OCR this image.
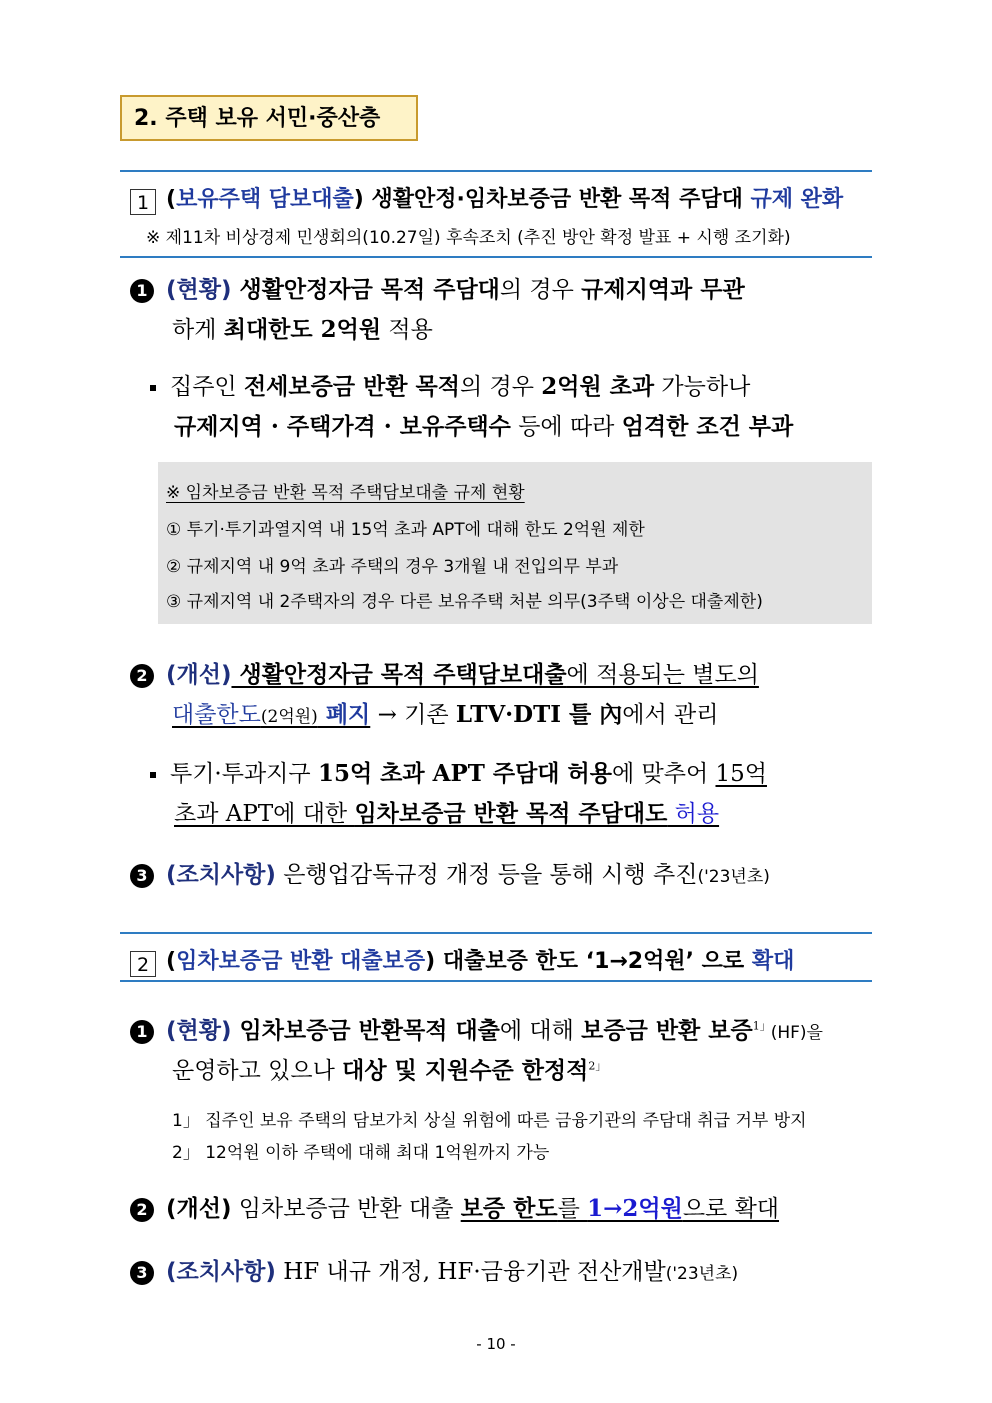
2. 주택 보유 서민·중산층
1 (보유주택 담보대출) 생활안정·임차보증금 반환 목적 주담대 규제 완화
※ 제11차 비상경제 민생회의(10.27일) 후속조치 (추진 방안 확정 발표 + 시행 조기화)
1 (현황) 생활안정자금 목적 주담대의 경우 규제지역과 무관
하게 최대한도 2억원 적용
집주인 전세보증금 반환 목적의 경우 2억원 초과 가능하나
규제지역 · 주택가격 · 보유주택수 등에 따라 엄격한 조건 부과
※ 임차보증금 반환 목적 주택담보대출 규제 현황
① 투기·투기과열지역 내 15억 초과 APT에 대해 한도 2억원 제한
② 규제지역 내 9억 초과 주택의 경우 3개월 내 전입의무 부과
③ 규제지역 내 2주택자의 경우 다른 보유주택 처분 의무(3주택 이상은 대출제한)
2 (개선) 생활안정자금 목적 주택담보대출에 적용되는 별도의
대출한도(2억원) 폐지 → 기존 LTV·DTI 틀 內에서 관리
투기·투과지구 15억 초과 APT 주담대 허용에 맞추어 15억
초과 APT에 대한 임차보증금 반환 목적 주담대도 허용
3 (조치사항) 은행업감독규정 개정 등을 통해 시행 추진('23년초)
2 (임차보증금 반환 대출보증) 대출보증 한도 ‘1→2억원’ 으로 확대
1 (현황) 임차보증금 반환목적 대출에 대해 보증금 반환 보증$^{1」}$(HF)을
운영하고 있으나 대상 및 지원수준 한정적$^{2」}$
1」 집주인 보유 주택의 담보가치 상실 위험에 따른 금융기관의 주담대 취급 거부 방지
2」 12억원 이하 주택에 대해 최대 1억원까지 가능
2 (개선) 임차보증금 반환 대출 보증 한도를 1→2억원으로 확대
3 (조치사항) HF 내규 개정, HF·금융기관 전산개발('23년초)
- 10 -
